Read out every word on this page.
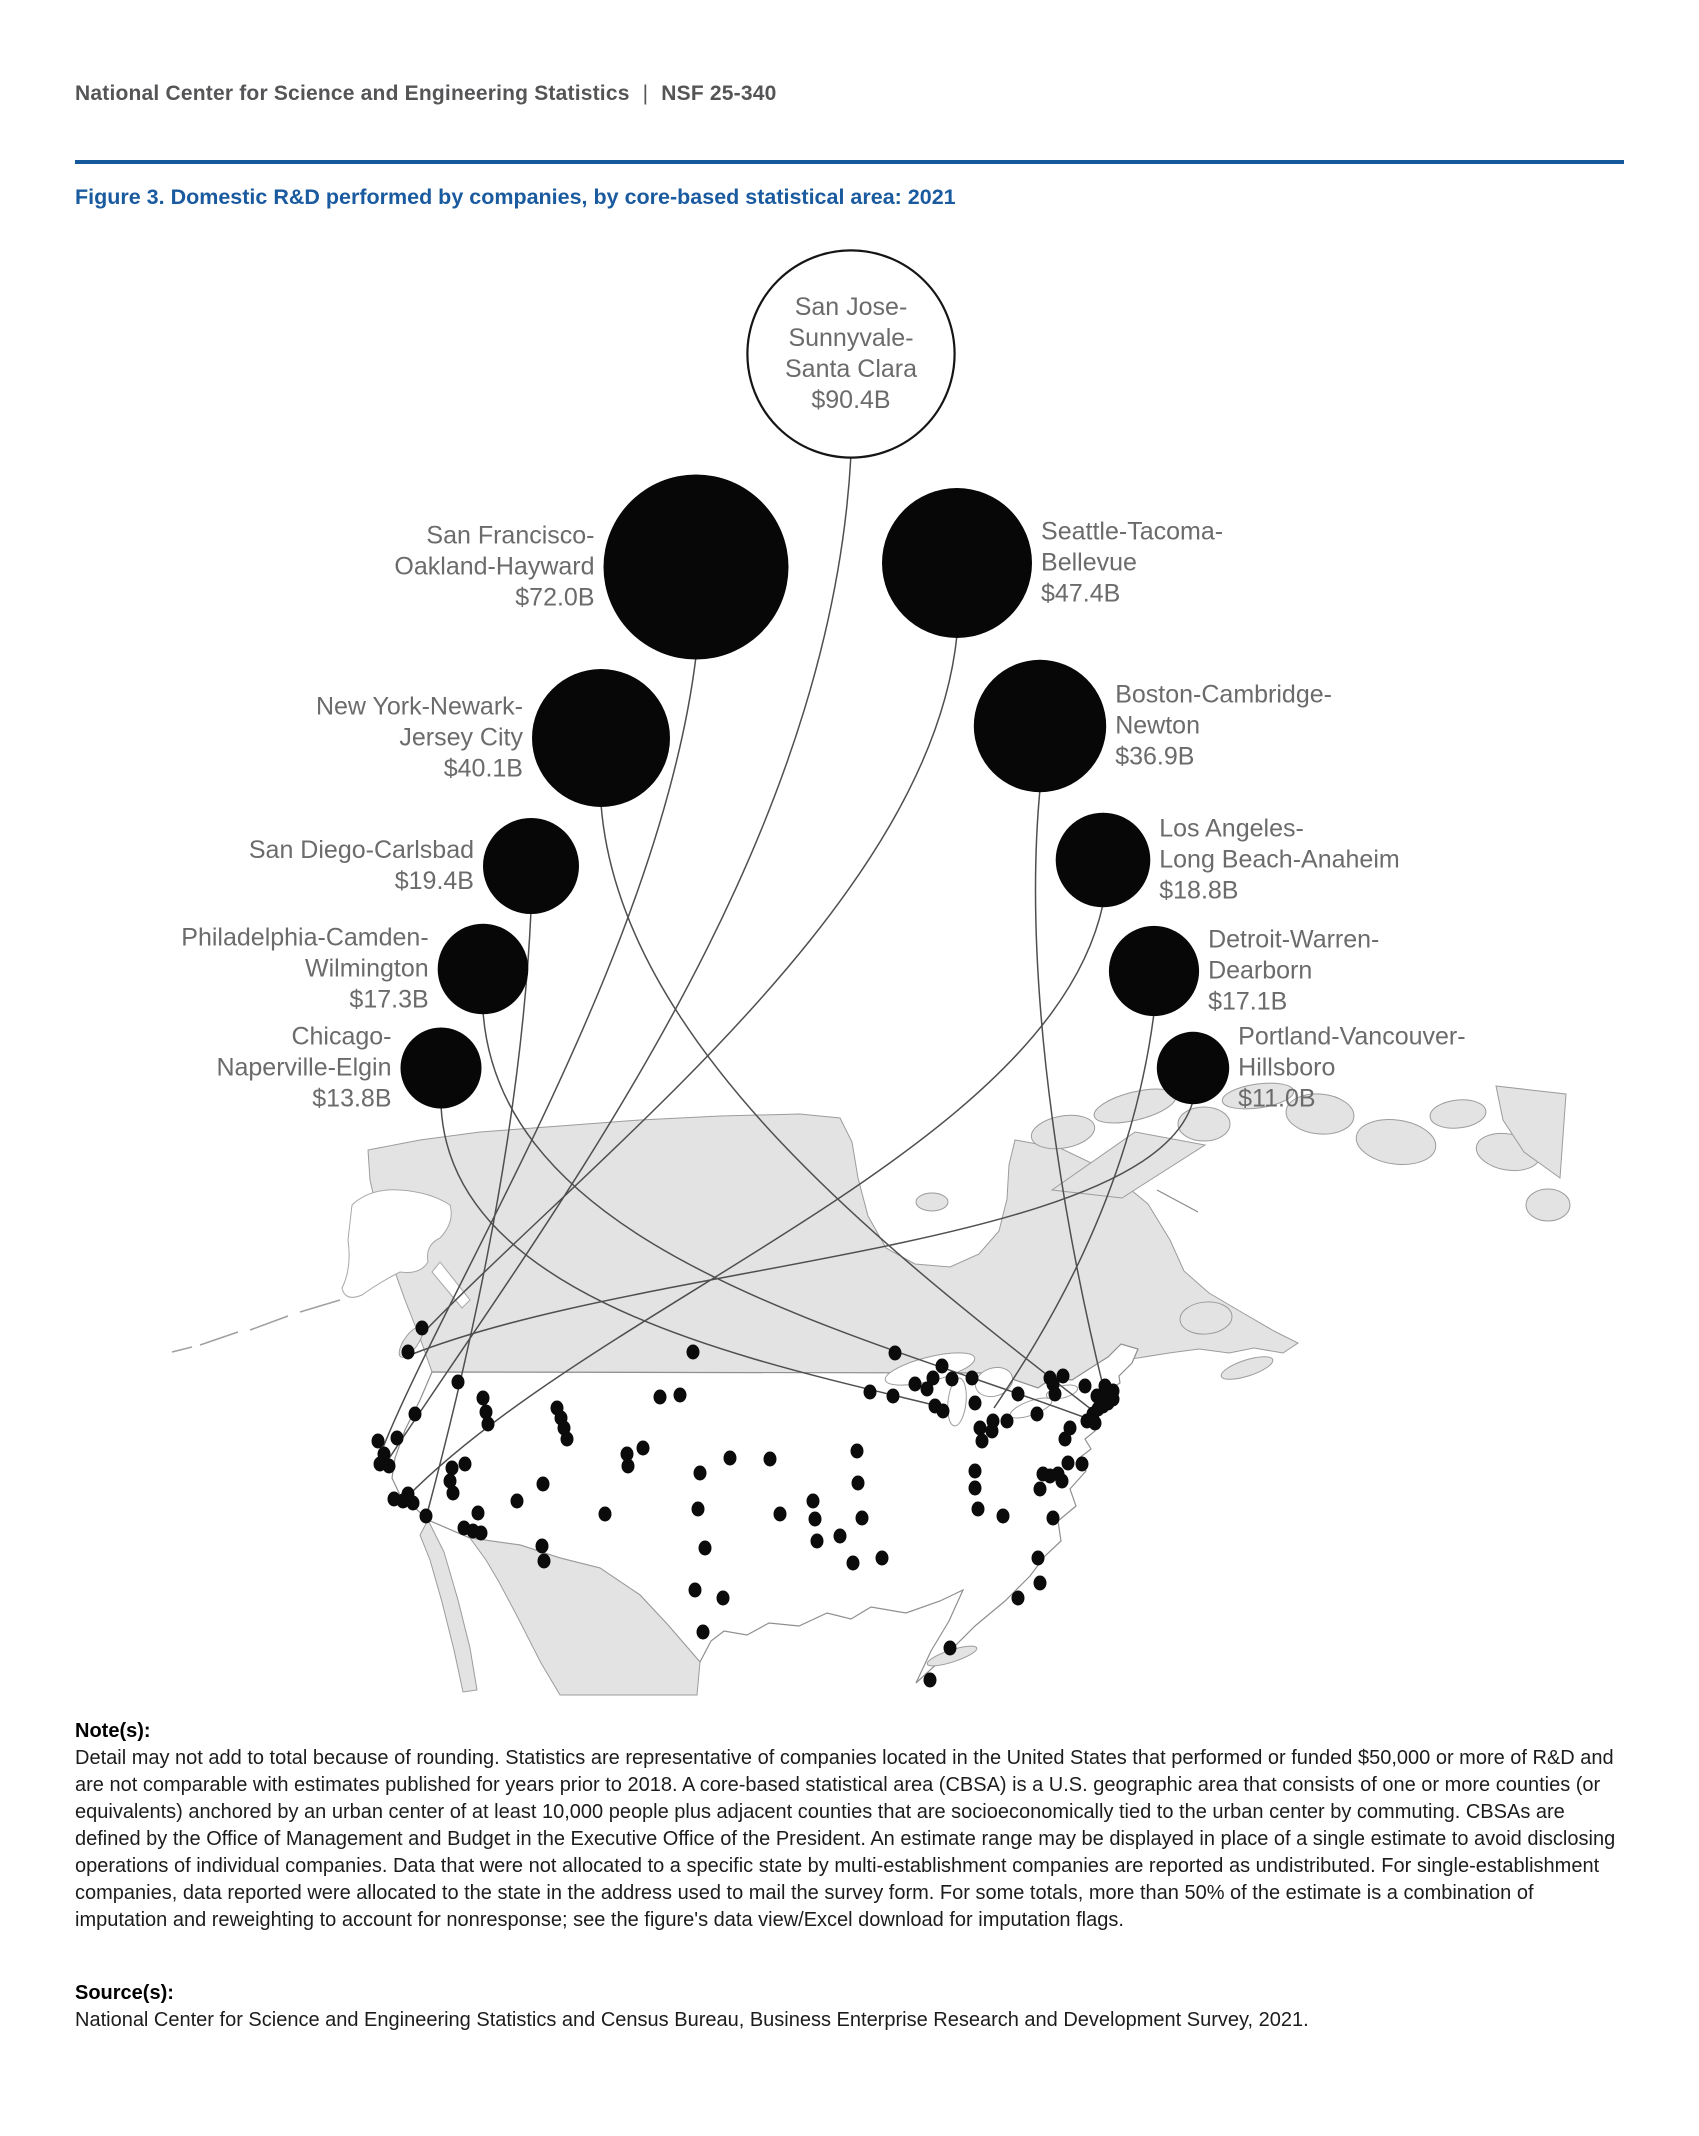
National Center for Science and Engineering Statistics | NSF 25-340
Figure 3. Domestic R&D performed by companies, by core-based statistical area: 2021
San Jose-
Sunnyvale-
Santa Clara
$90.4B
San Francisco-
Oakland-Hayward
$72.0B
Seattle-Tacoma-
Bellevue
$47.4B
New York-Newark-
Jersey City
$40.1B
Boston-Cambridge-
Newton
$36.9B
San Diego-Carlsbad
$19.4B
Los Angeles-
Long Beach-Anaheim
$18.8B
Philadelphia-Camden-
Wilmington
$17.3B
Detroit-Warren-
Dearborn
$17.1B
Chicago-
Naperville-Elgin
$13.8B
Portland-Vancouver-
Hillsboro
$11.0B
Note(s):

Detail may not add to total because of rounding. Statistics are representative of companies located in the United States that performed or funded $50,000 or more of R&D and are not comparable with estimates published for years prior to 2018. A core-based statistical area (CBSA) is a U.S. geographic area that consists of one or more counties (or equivalents) anchored by an urban center of at least 10,000 people plus adjacent counties that are socioeconomically tied to the urban center by commuting. CBSAs are defined by the Office of Management and Budget in the Executive Office of the President. An estimate range may be displayed in place of a single estimate to avoid disclosing operations of individual companies. Data that were not allocated to a specific state by multi-establishment companies are reported as undistributed. For single-establishment companies, data reported were allocated to the state in the address used to mail the survey form. For some totals, more than 50% of the estimate is a combination of imputation and reweighting to account for nonresponse; see the figure's data view/Excel download for imputation flags.

Source(s):

National Center for Science and Engineering Statistics and Census Bureau, Business Enterprise Research and Development Survey, 2021.
